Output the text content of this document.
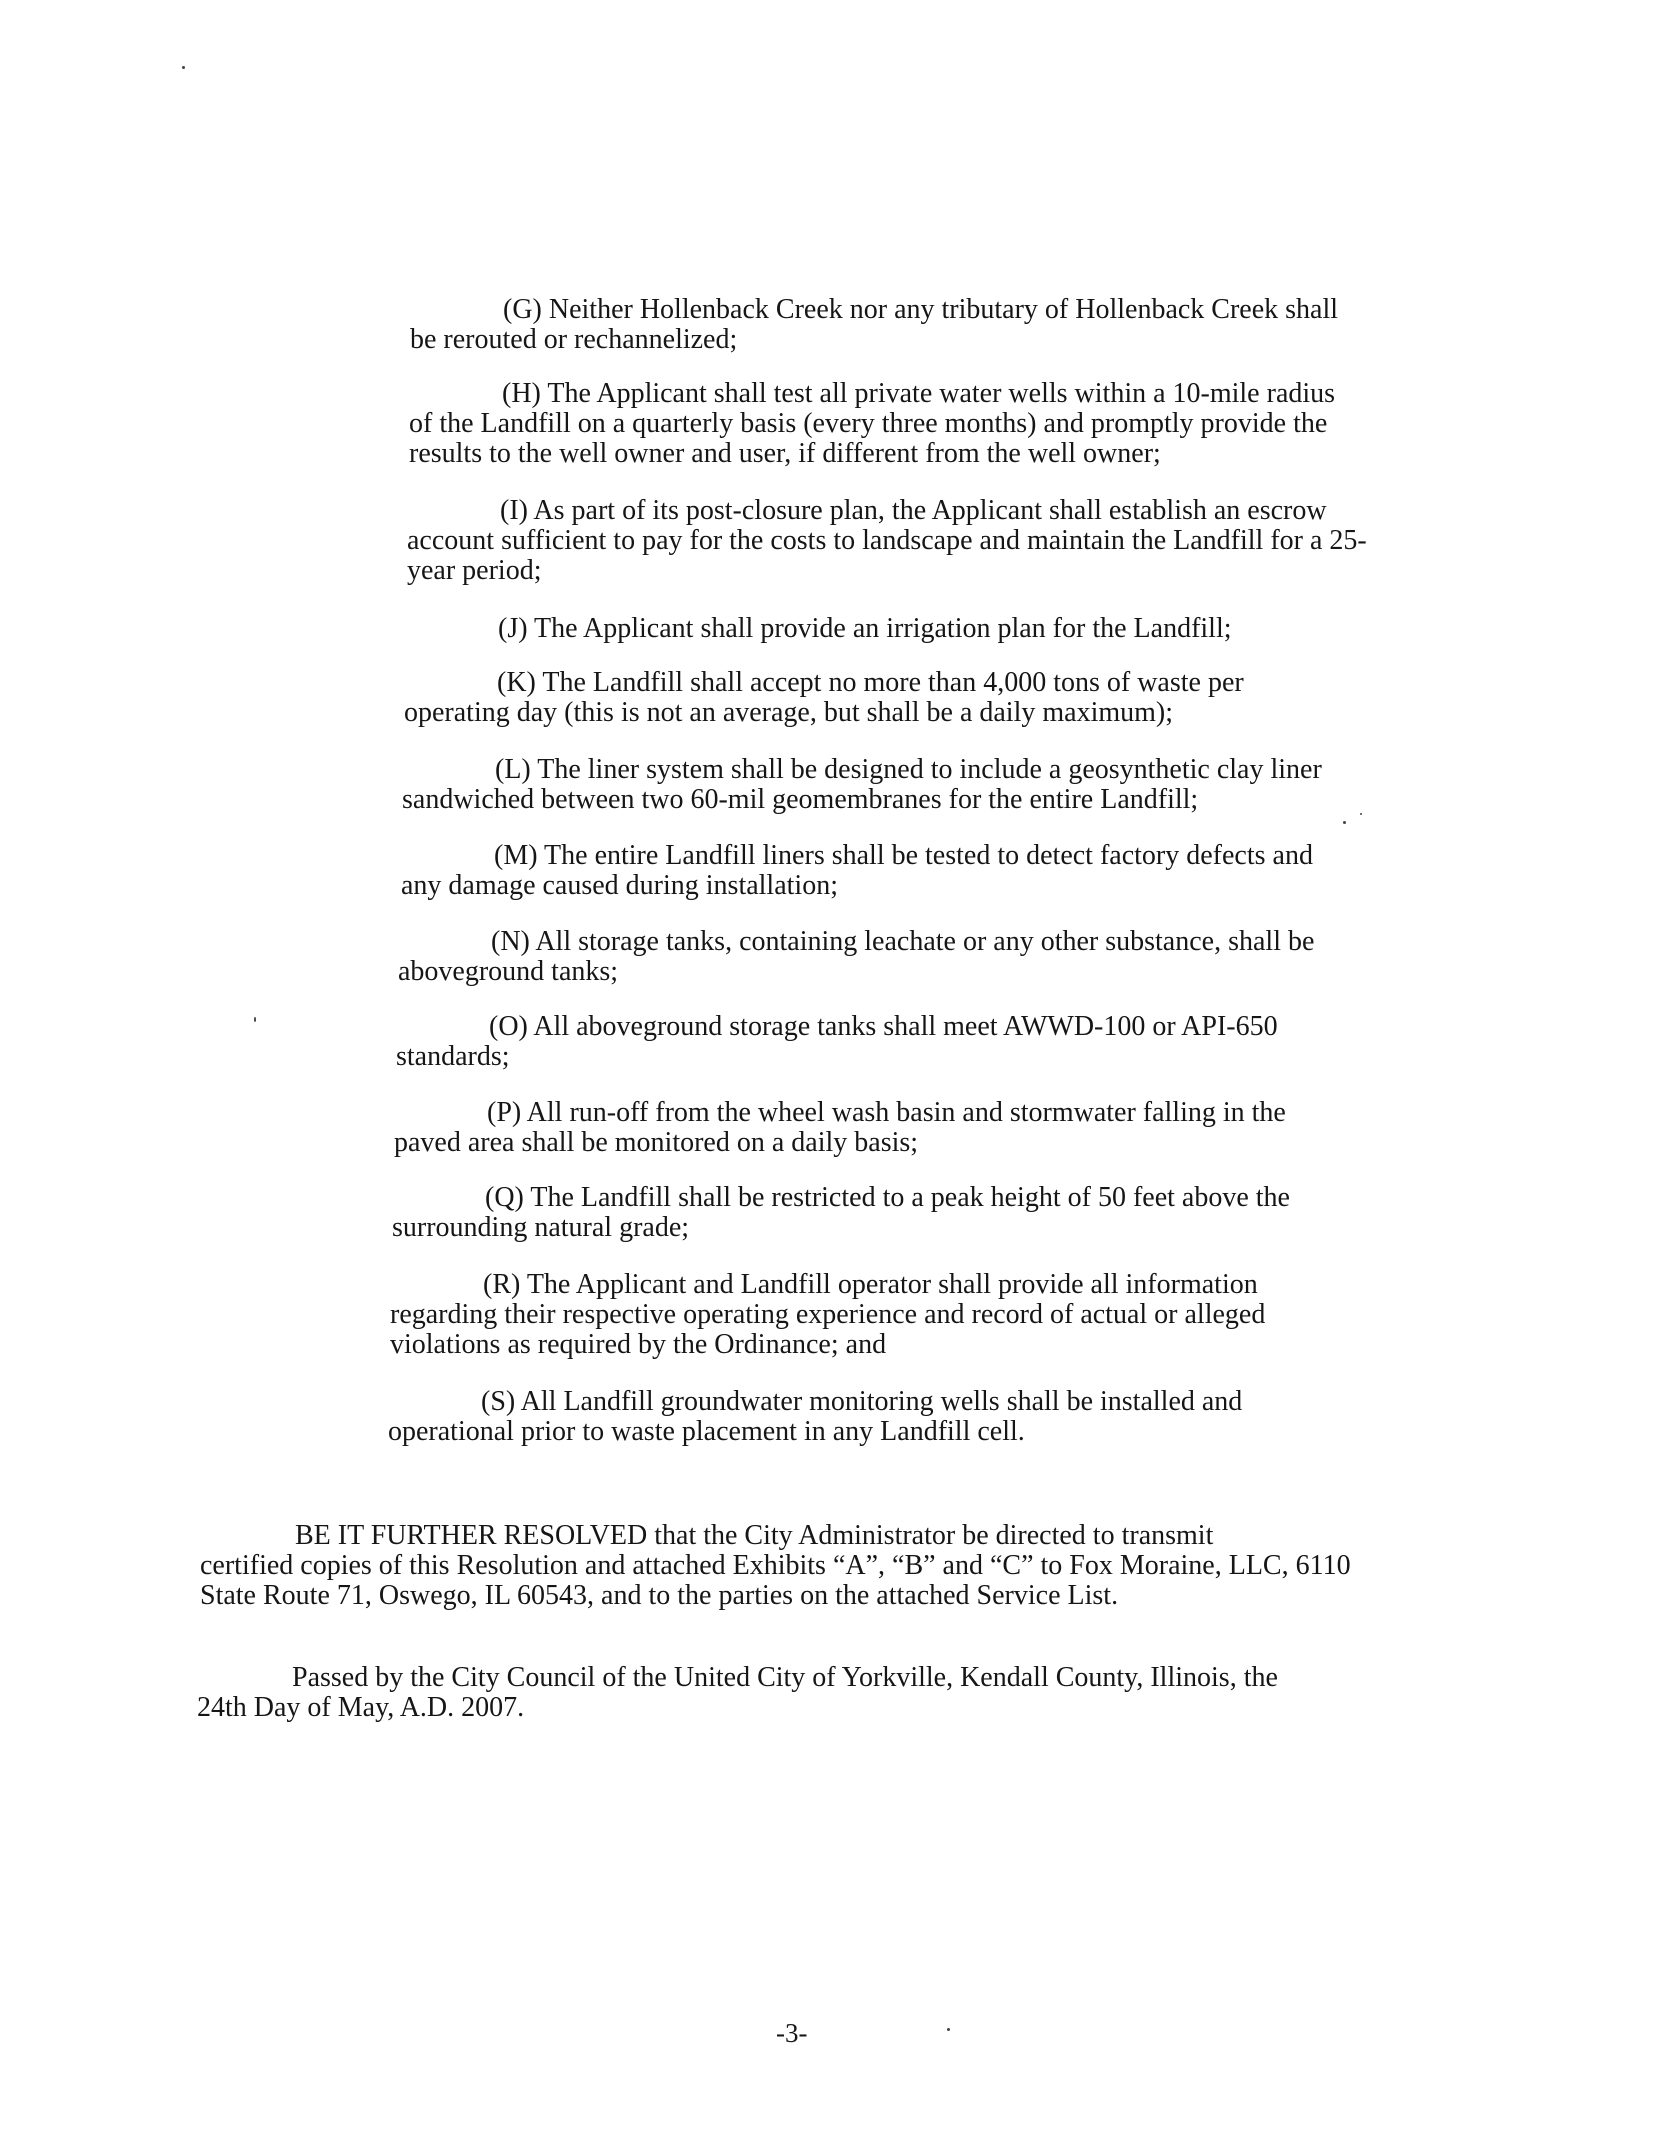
(G) Neither Hollenback Creek nor any tributary of Hollenback Creek shall
be rerouted or rechannelized;
(H) The Applicant shall test all private water wells within a 10-mile radius
of the Landfill on a quarterly basis (every three months) and promptly provide the results to the well owner and user, if different from the well owner;
(I) As part of its post-closure plan, the Applicant shall establish an escrow
account sufficient to pay for the costs to landscape and maintain the Landfill for a 25-year period;
(J) The Applicant shall provide an irrigation plan for the Landfill;
(K) The Landfill shall accept no more than 4,000 tons of waste per
operating day (this is not an average, but shall be a daily maximum);
(L) The liner system shall be designed to include a geosynthetic clay liner
sandwiched between two 60-mil geomembranes for the entire Landfill;
(M) The entire Landfill liners shall be tested to detect factory defects and
any damage caused during installation;
(N) All storage tanks, containing leachate or any other substance, shall be
aboveground tanks;
(O) All aboveground storage tanks shall meet AWWD-100 or API-650
standards;
(P) All run-off from the wheel wash basin and stormwater falling in the
paved area shall be monitored on a daily basis;
(Q) The Landfill shall be restricted to a peak height of 50 feet above the
surrounding natural grade;
(R) The Applicant and Landfill operator shall provide all information
regarding their respective operating experience and record of actual or alleged violations as required by the Ordinance; and
(S) All Landfill groundwater monitoring wells shall be installed and
operational prior to waste placement in any Landfill cell.
BE IT FURTHER RESOLVED that the City Administrator be directed to transmit
certified copies of this Resolution and attached Exhibits “A”, “B” and “C” to Fox Moraine, LLC, 6110 State Route 71, Oswego, IL 60543, and to the parties on the attached Service List.
Passed by the City Council of the United City of Yorkville, Kendall County, Illinois, the
24th Day of May, A.D. 2007.
-3-
